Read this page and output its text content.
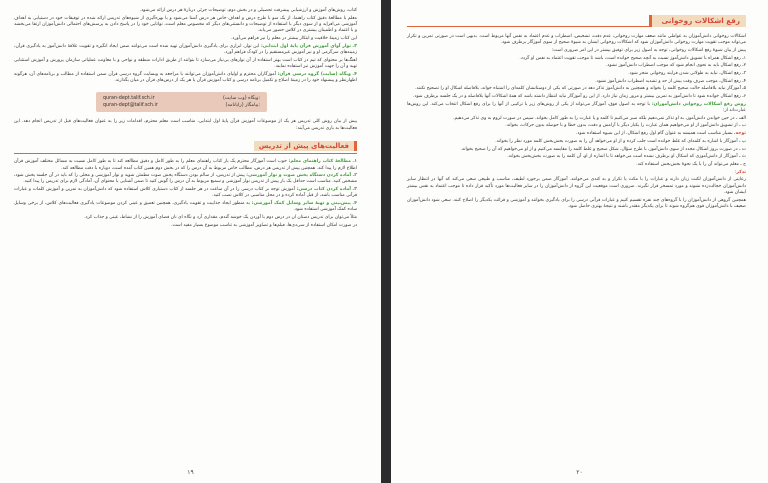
کتاب، روش‌های آموزش و ارزشیابی پیشرفت تحصیلی و در بخش دوم، توضیحات جزئی دربارهٔ هر درس ارائه می‌شود.

معلم با مطالعهٔ دقیق کتاب راهنما، از یک سو با طرح درس و اهداف خاص هر درس آشنا می‌شود و با بهره‌گیری از شیوه‌های تدریس ارائه شده در توفیقات خود در دستیابی به اهداف آموزشی می‌افزاید و از سوی دیگر با استفاده از توضیحات و دانستنی‌های دیگر که مخصوص معلم است، توانایی خود را در پاسخ دادن به پرسش‌های احتمالی دانش‌آموزان ارتقا می‌بخشد و با اعتماد و اطمینان بیشتری در کلاس حضور می‌یابد.

این کتاب زمینهٔ خلاقیت و ابتکار بیشتر در معلم را نیز فراهم می‌آورد.

۳ـ نوار آوای آموزش قرآن پایهٔ اول ابتدایی: این نوار، ابزاری برای یادگیری دانش‌آموزان تهیه شده است می‌توانند ضمن ایجاد انگیزه و تقویت علاقهٔ دانش‌آموز به یادگیری قرآن، زمینه‌های سرگرمی او و نیز آموزش غیرمستقیم را در کودک فراهم آورد.

اهنگ‌ها بر محتوای که تیم در کتاب است بهتر استفاده از آن نوارهای بی‌نیاز می‌سازد تا بتوانند از طریق ادارات منطقه و نواحی و با معاونت عملیاتی سازمان پرورش و آموزش استثنایی تهیه و آن را جهت آموزش نیز استفاده نمایند.

۴ـ وبگاه (سایت) گروه درسی قرآن: آموزگاران محترم و اولیای دانش‌آموزان می‌توانند با مراجعه به وبسایت گروه درسی قرآن ضمن استفاده از مطالب و برنامه‌های آن، هرگونه اظهارنظر و پیشنهاد خود را در زمینهٔ اصلاح و تکمیل برنامه درسی و کتاب آموزش قرآن یا هر یک از درس‌های قرآن در میان بگذارند.

quran-dept.talif.sch.ir	وبگاه (وب سایت):
quran-dept@talif.sch.ir	پیامگار (رایانامه):

پیش از بیان روش کلی تدریس هر یک از موضوعات آموزش قرآن پایهٔ اول ابتدایی، مناسب است معلم محترم، اقدامات زیر را به عنوان فعالیت‌های قبل از تدریس انجام دهد. این فعالیت‌ها به یاری تدریس می‌آیند:

فعالیت‌های پیش از تدریس

۱ـ مطالعهٔ کتاب راهنمای معلم: خوب است آموزگار محترم یک بار کتاب راهنمای معلم را به طور کامل و دقیق مطالعه کند تا به طور کامل نسبت به مسائل مختلف آموزش قرآن اطلاع لازم را پیدا کند. همچنین پیش از تدریس هر درس، مطالب خاص مربوط به آن درس را که در بخش دوم همین کتاب آمده است، دوباره با دقت مطالعه کند.

۲ـ آماده کردن دستگاه پخش صوت و نوار آموزشی: پیش از تدریس، از سالم بودن دستگاه پخش صوت مطمئن شوید و نوار آموزشی و محلی را که باید در آن جلسه پخش شود، مشخص کنید. مناسب است حداقل یک بار پیش از تدریس نوار آموزشی و سمیع مربوط به آن درس را گوش کنید تا ضمن آشنایی با محتوای آن، آمادگی لازم برای تدریس را پیدا کنید.

۳ـ آماده کردن کتاب درسی: آموزش توجه بر کتاب درسی را در آن ساعت در هر جلسه از کتاب دستیاری کلاس استفاده شود که دانش‌آموزان به تمرین و آموزش کلمات و عبارات قرآنی مناسب باشد، از قبل آماده کرده و در محل مناسبی در کلاس نصب کنید.

۴ـ پیش‌بینی و تهیهٔ سایر وسایل کمک آموزشی: به منظور ایجاد جذابیت و تقویت یادگیری، همچنین تعمیق و عینی کردن موضوعات یادگیری فعالیت‌های کلاس، از برخی وسایل ساده کمک آموزشی استفاده شود.

مثلاً می‌توان برای تدریس دستان ان در درس دوم با آوردن یک خوشه گندم، مقداری آرد و نگاه ای نان فضای آموزش را از نشاط، عینی و جذاب کرد.

در صورت امکان استفاده از سی‌دی‌ها، فیلم‌ها و تصاویر آموزشی به تناسب موضوع بسیار مفید است.

۱۹
رفع اشکالات روخوانی

اشکالات روخوانی دانش‌آموزان به عواملی مانند ضعف مهارت روخوانی، عدم دقت، تشخیص، اضطراب و عدم اعتماد به نفس آنها مربوط است. بدیهی است در صورتی تمرین و تکرار می‌تواند موجب تقویت مهارت روخوانی دانش‌آموزان شود که اشکالات روخوانی ایشان به شیوهٔ صحیح از سوی آموزگار برطرف شود.

پیش از بیان شیوهٔ رفع اشکالات روخوانی، توجه به اصول زیر برای توفیق بیشتر در این امر ضروری است:

۱ـ رفع اشکال همراه با تشویق دانش‌آموز نسبت به آنچه صحیح خوانده است، باشد تا موجب تقویت اعتماد به نفس او گردد.

۲ـ رفع اشکال باید به نحوی انجام شود که موجب اضطراب دانش‌آموز نشود.

۳ـ رفع اشکال، نباید به طولانی شدن فرایند روخوانی منجر شود.

۴ـ رفع اشکال، موجب صرف وقت بیش از حد و تشدید اضطراب دانش‌آموز نشود.

۵ـ آموزگار نباید بلافاصله حالت صحیح کلمه را بخواند و همچنین به دانش‌آموز تذکر دهد در صورتی که یکی از دوستانشان کلمه‌ای را اشتباه خواند، بلافاصله اشکال او را تصحیح نکنند.

۶ـ رفع اشکال خوانده شود تا دانش‌آموز به تمرین بیشتر و مرور زمان نیاز دارد. از این رو آموزگار نباید انتظار داشته باشد که همهٔ اشکالات آنها بلافاصله و در یک جلسه برطرف شود.

روش رفع اشکالات روخوانی دانش‌آموزان: با توجه به اصول فوق، آموزگار می‌تواند از یکی از روش‌های زیر یا ترکیبی از آنها را برای رفع اشکال انتخاب می‌کند. این روش‌ها عبارت‌اند از:

الف ـ در حین خواندن دانش‌آموز، به او تذکر نمی‌دهیم بلکه صبر می‌کنیم تا کلمه و یا عبارت را به طور کامل بخواند. سپس در صورت لزوم به وی تذکر می‌دهیم.

ب ـ از تشویق دانش‌آموز از او می‌خواهیم همان عبارت را یکبار دیگر با آرامش و دقت، بدون خطا و با حوصله بدون حرکات، بخواند.

توجه، بسیار مناسب است همیشه به عنوان گام اول رفع اشکال، از این شیوه استفاده شود.

پ ـ آموزگار با اشاره به کلمه‌ای که غلط خوانده است جلب کرده و از او می‌خواهد آن را به صورت بخش‌بخش کلمه مورد نظر را بخواند.

ت ـ در صورت بروز اشکال مجدد از سوی دانش‌آموز، با طرح سؤال، شکل صحیح و غلط کلمه را مقایسه می‌کنیم و از او می‌خواهیم که آن را صحیح بخواند.

ث ـ آموزگار از دانش‌آموزی که اشکال او برطرف نشده است می‌خواهد تا با اشاره از او، آن کلمه را به صورت بخش‌بخش بخواند.

ج ـ معلم می‌تواند آن را با یک نحوهٔ بخش‌بخش استفاده کند.

تذکر:

رعایتی از دانش‌آموزان لکنت زبان دارند و عبارات را با مکث یا تکرار و به کندی می‌خوانند. آموزگار ضمن برخورد لطیف، مناسب و طبیعی سعی می‌کند که آنها در انتظار سایر دانش‌آموزان خجالت‌زده نشوند و مورد تمسخر قرار نگیرند. ضروری است موقعیت این گروه از دانش‌آموزان را در سایر فعالیت‌ها مورد تأکید قرار داده تا موجب اعتماد به نفس بیشتر ایشان شود.

همچنین گروهی از دانش‌آموزان را با گروه‌های چند نفره تقسیم کنیم و عبارات قرآنی درسی را برای یادگیری بخوانند و آموزشی و قرائت یکدیگر را اصلاح کنند. سعی شود دانش‌آموزان ضعیف با دانش‌آموزان قوی هم‌گروه شوند تا برای یکدیگر مقتدر باشند و نتیجهٔ بهتری حاصل شود.

۲۰
